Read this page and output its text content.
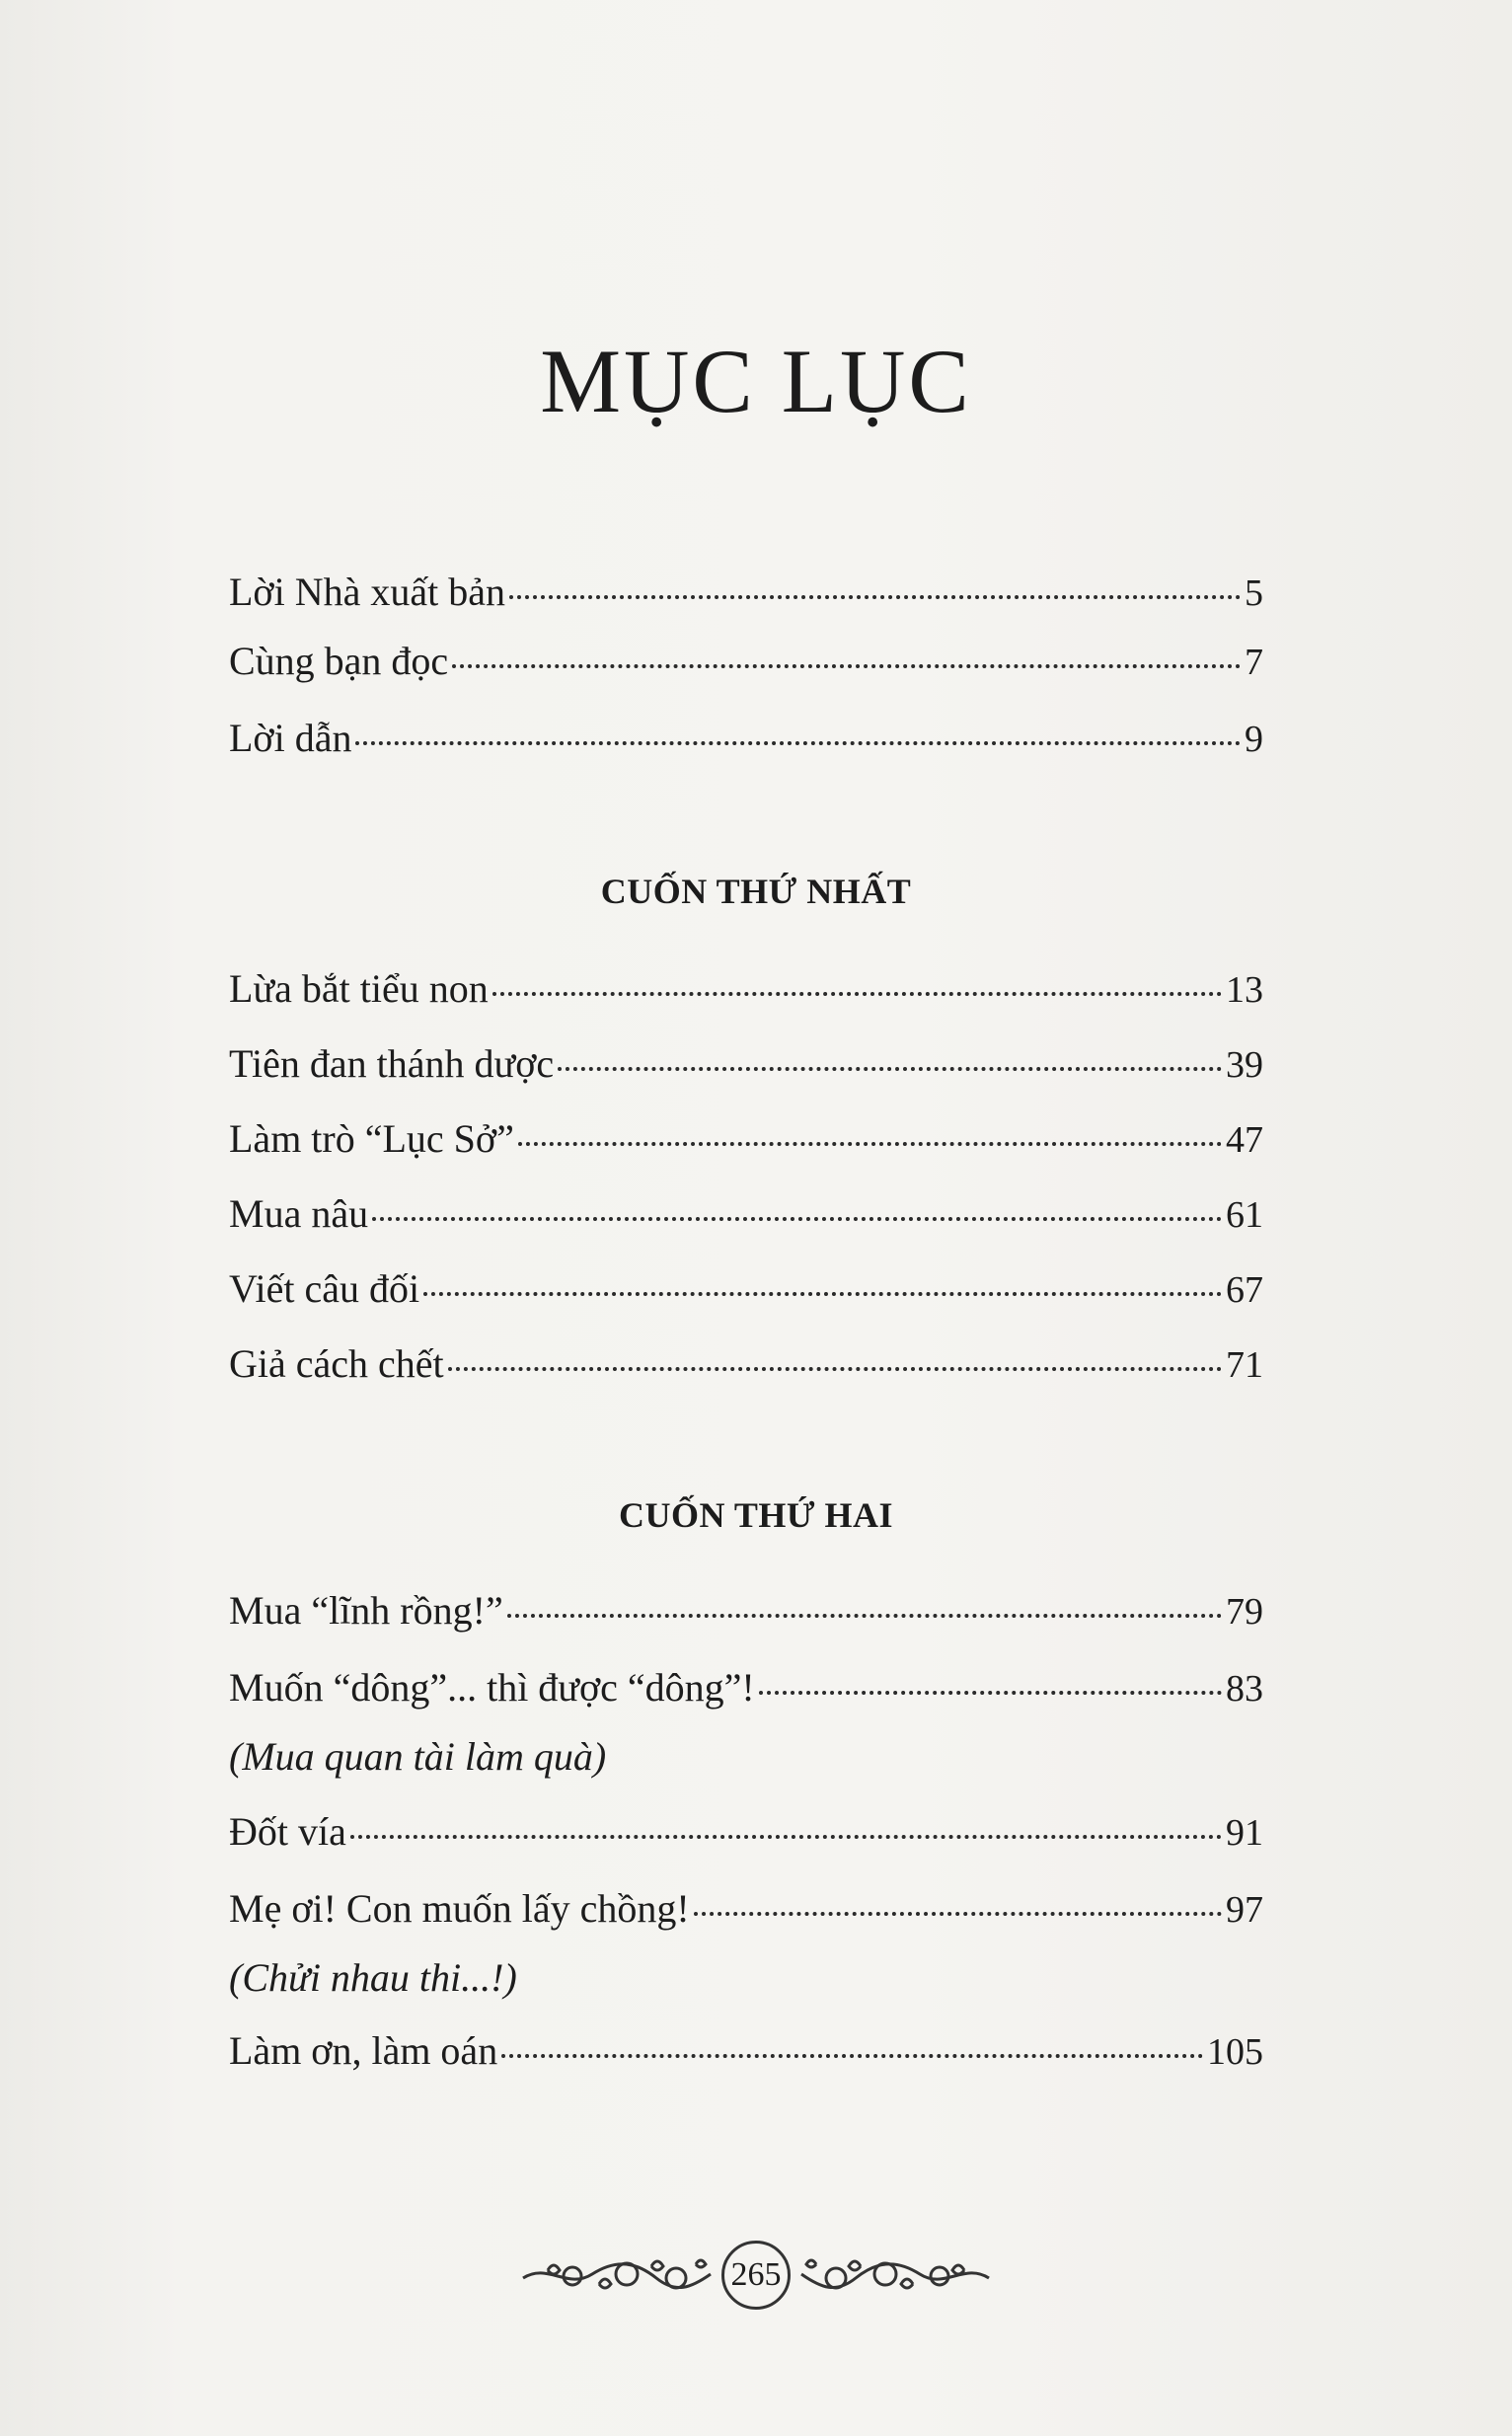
MỤC LỤC
Lời Nhà xuất bản	5
Cùng bạn đọc	7
Lời dẫn	9
CUỐN THỨ NHẤT
Lừa bắt tiểu non	13
Tiên đan thánh dược	39
Làm trò “Lục Sở”	47
Mua nâu	61
Viết câu đối	67
Giả cách chết	71
CUỐN THỨ HAI
Mua “lĩnh rồng!”	79
Muốn “dông”... thì được “dông”!	83
(Mua quan tài làm quà)
Đốt vía	91
Mẹ ơi! Con muốn lấy chồng!	97
(Chửi nhau thi...!)
Làm ơn, làm oán	105
265
